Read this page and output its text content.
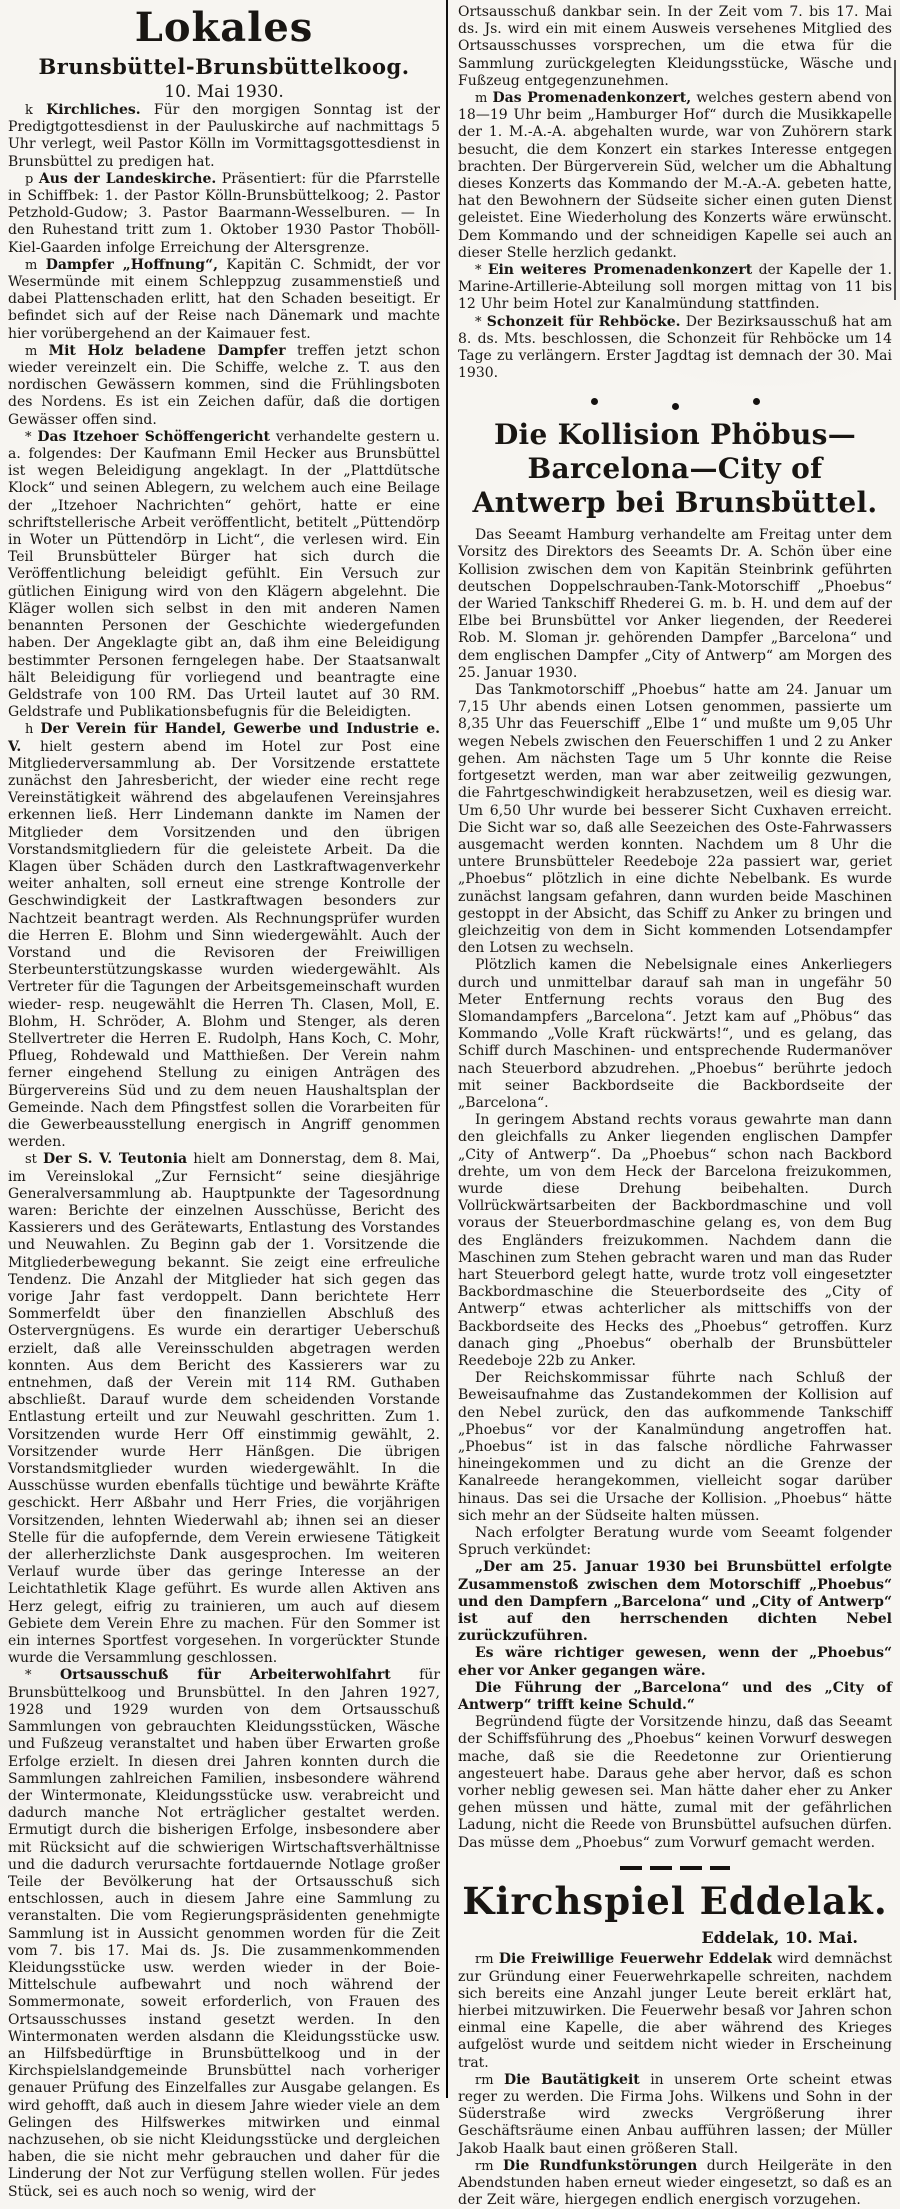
Lokales
Brunsbüttel-Brunsbüttelkoog.
10. Mai 1930.

k Kirchliches. Für den morgigen Sonntag ist der Predigtgottesdienst in der Pauluskirche auf nachmittags 5 Uhr verlegt, weil Pastor Kölln im Vormittagsgottesdienst in Brunsbüttel zu predigen hat.

p Aus der Landeskirche. Präsentiert: für die Pfarrstelle in Schiffbek: 1. der Pastor Kölln-Brunsbüttelkoog; 2. Pastor Petzhold-Gudow; 3. Pastor Baarmann-Wesselburen. — In den Ruhestand tritt zum 1. Oktober 1930 Pastor Thoböll-Kiel-Gaarden infolge Erreichung der Altersgrenze.

m Dampfer „Hoffnung“, Kapitän C. Schmidt, der vor Wesermünde mit einem Schleppzug zusammenstieß und dabei Plattenschaden erlitt, hat den Schaden beseitigt. Er befindet sich auf der Reise nach Dänemark und machte hier vorübergehend an der Kaimauer fest.

m Mit Holz beladene Dampfer treffen jetzt schon wieder vereinzelt ein. Die Schiffe, welche z. T. aus den nordischen Gewässern kommen, sind die Frühlingsboten des Nordens. Es ist ein Zeichen dafür, daß die dortigen Gewässer offen sind.

* Das Itzehoer Schöffengericht verhandelte gestern u. a. folgendes: Der Kaufmann Emil Hecker aus Brunsbüttel ist wegen Beleidigung angeklagt. In der „Plattdütsche Klock“ und seinen Ablegern, zu welchem auch eine Beilage der „Itzehoer Nachrichten“ gehört, hatte er eine schriftstellerische Arbeit veröffentlicht, betitelt „Püttendörp in Woter un Püttendörp in Licht“, die verlesen wird. Ein Teil Brunsbütteler Bürger hat sich durch die Veröffentlichung beleidigt gefühlt. Ein Versuch zur gütlichen Einigung wird von den Klägern abgelehnt. Die Kläger wollen sich selbst in den mit anderen Namen benannten Personen der Geschichte wiedergefunden haben. Der Angeklagte gibt an, daß ihm eine Beleidigung bestimmter Personen ferngelegen habe. Der Staatsanwalt hält Beleidigung für vorliegend und beantragte eine Geldstrafe von 100 RM. Das Urteil lautet auf 30 RM. Geldstrafe und Publikationsbefugnis für die Beleidigten.

h Der Verein für Handel, Gewerbe und Industrie e. V. hielt gestern abend im Hotel zur Post eine Mitgliederversammlung ab. Der Vorsitzende erstattete zunächst den Jahresbericht, der wieder eine recht rege Vereinstätigkeit während des abgelaufenen Vereinsjahres erkennen ließ. Herr Lindemann dankte im Namen der Mitglieder dem Vorsitzenden und den übrigen Vorstandsmitgliedern für die geleistete Arbeit. Da die Klagen über Schäden durch den Lastkraftwagenverkehr weiter anhalten, soll erneut eine strenge Kontrolle der Geschwindigkeit der Lastkraftwagen besonders zur Nachtzeit beantragt werden. Als Rechnungsprüfer wurden die Herren E. Blohm und Sinn wiedergewählt. Auch der Vorstand und die Revisoren der Freiwilligen Sterbeunterstützungskasse wurden wiedergewählt. Als Vertreter für die Tagungen der Arbeitsgemeinschaft wurden wieder- resp. neugewählt die Herren Th. Clasen, Moll, E. Blohm, H. Schröder, A. Blohm und Stenger, als deren Stellvertreter die Herren E. Rudolph, Hans Koch, C. Mohr, Pflueg, Rohdewald und Matthießen. Der Verein nahm ferner eingehend Stellung zu einigen Anträgen des Bürgervereins Süd und zu dem neuen Haushaltsplan der Gemeinde. Nach dem Pfingstfest sollen die Vorarbeiten für die Gewerbeausstellung energisch in Angriff genommen werden.

st Der S. V. Teutonia hielt am Donnerstag, dem 8. Mai, im Vereinslokal „Zur Fernsicht“ seine diesjährige Generalversammlung ab. Hauptpunkte der Tagesordnung waren: Berichte der einzelnen Ausschüsse, Bericht des Kassierers und des Gerätewarts, Entlastung des Vorstandes und Neuwahlen. Zu Beginn gab der 1. Vorsitzende die Mitgliederbewegung bekannt. Sie zeigt eine erfreuliche Tendenz. Die Anzahl der Mitglieder hat sich gegen das vorige Jahr fast verdoppelt. Dann berichtete Herr Sommerfeldt über den finanziellen Abschluß des Ostervergnügens. Es wurde ein derartiger Ueberschuß erzielt, daß alle Vereinsschulden abgetragen werden konnten. Aus dem Bericht des Kassierers war zu entnehmen, daß der Verein mit 114 RM. Guthaben abschließt. Darauf wurde dem scheidenden Vorstande Entlastung erteilt und zur Neuwahl geschritten. Zum 1. Vorsitzenden wurde Herr Off einstimmig gewählt, 2. Vorsitzender wurde Herr Hänßgen. Die übrigen Vorstandsmitglieder wurden wiedergewählt. In die Ausschüsse wurden ebenfalls tüchtige und bewährte Kräfte geschickt. Herr Aßbahr und Herr Fries, die vorjährigen Vorsitzenden, lehnten Wiederwahl ab; ihnen sei an dieser Stelle für die aufopfernde, dem Verein erwiesene Tätigkeit der allerherzlichste Dank ausgesprochen. Im weiteren Verlauf wurde über das geringe Interesse an der Leichtathletik Klage geführt. Es wurde allen Aktiven ans Herz gelegt, eifrig zu trainieren, um auch auf diesem Gebiete dem Verein Ehre zu machen. Für den Sommer ist ein internes Sportfest vorgesehen. In vorgerückter Stunde wurde die Versammlung geschlossen.

* Ortsausschuß für Arbeiterwohlfahrt für Brunsbüttelkoog und Brunsbüttel. In den Jahren 1927, 1928 und 1929 wurden von dem Ortsausschuß Sammlungen von gebrauchten Kleidungsstücken, Wäsche und Fußzeug veranstaltet und haben über Erwarten große Erfolge erzielt. In diesen drei Jahren konnten durch die Sammlungen zahlreichen Familien, insbesondere während der Wintermonate, Kleidungsstücke usw. verabreicht und dadurch manche Not erträglicher gestaltet werden. Ermutigt durch die bisherigen Erfolge, insbesondere aber mit Rücksicht auf die schwierigen Wirtschaftsverhältnisse und die dadurch verursachte fortdauernde Notlage großer Teile der Bevölkerung hat der Ortsausschuß sich entschlossen, auch in diesem Jahre eine Sammlung zu veranstalten. Die vom Regierungspräsidenten genehmigte Sammlung ist in Aussicht genommen worden für die Zeit vom 7. bis 17. Mai ds. Js. Die zusammenkommenden Kleidungsstücke usw. werden wieder in der Boie-Mittelschule aufbewahrt und noch während der Sommermonate, soweit erforderlich, von Frauen des Ortsausschusses instand gesetzt werden. In den Wintermonaten werden alsdann die Kleidungsstücke usw. an Hilfsbedürftige in Brunsbüttelkoog und in der Kirchspielslandgemeinde Brunsbüttel nach vorheriger genauer Prüfung des Einzelfalles zur Ausgabe gelangen. Es wird gehofft, daß auch in diesem Jahre wieder viele an dem Gelingen des Hilfswerkes mitwirken und einmal nachzusehen, ob sie nicht Kleidungsstücke und dergleichen haben, die sie nicht mehr gebrauchen und daher für die Linderung der Not zur Verfügung stellen wollen. Für jedes Stück, sei es auch noch so wenig, wird der

Ortsausschuß dankbar sein. In der Zeit vom 7. bis 17. Mai ds. Js. wird ein mit einem Ausweis versehenes Mitglied des Ortsausschusses vorsprechen, um die etwa für die Sammlung zurückgelegten Kleidungsstücke, Wäsche und Fußzeug entgegenzunehmen.

m Das Promenadenkonzert, welches gestern abend von 18—19 Uhr beim „Hamburger Hof“ durch die Musikkapelle der 1. M.-A.-A. abgehalten wurde, war von Zuhörern stark besucht, die dem Konzert ein starkes Interesse entgegen brachten. Der Bürgerverein Süd, welcher um die Abhaltung dieses Konzerts das Kommando der M.-A.-A. gebeten hatte, hat den Bewohnern der Südseite sicher einen guten Dienst geleistet. Eine Wiederholung des Konzerts wäre erwünscht. Dem Kommando und der schneidigen Kapelle sei auch an dieser Stelle herzlich gedankt.

* Ein weiteres Promenadenkonzert der Kapelle der 1. Marine-Artillerie-Abteilung soll morgen mittag von 11 bis 12 Uhr beim Hotel zur Kanalmündung stattfinden.

* Schonzeit für Rehböcke. Der Bezirksausschuß hat am 8. ds. Mts. beschlossen, die Schonzeit für Rehböcke um 14 Tage zu verlängern. Erster Jagdtag ist demnach der 30. Mai 1930.

Die Kollision Phöbus—Barcelona—City of Antwerp bei Brunsbüttel.

Das Seeamt Hamburg verhandelte am Freitag unter dem Vorsitz des Direktors des Seeamts Dr. A. Schön über eine Kollision zwischen dem von Kapitän Steinbrink geführten deutschen Doppelschrauben-Tank-Motorschiff „Phoebus“ der Waried Tankschiff Rhederei G. m. b. H. und dem auf der Elbe bei Brunsbüttel vor Anker liegenden, der Reederei Rob. M. Sloman jr. gehörenden Dampfer „Barcelona“ und dem englischen Dampfer „City of Antwerp“ am Morgen des 25. Januar 1930.

Das Tankmotorschiff „Phoebus“ hatte am 24. Januar um 7,15 Uhr abends einen Lotsen genommen, passierte um 8,35 Uhr das Feuerschiff „Elbe 1“ und mußte um 9,05 Uhr wegen Nebels zwischen den Feuerschiffen 1 und 2 zu Anker gehen. Am nächsten Tage um 5 Uhr konnte die Reise fortgesetzt werden, man war aber zeitweilig gezwungen, die Fahrtgeschwindigkeit herabzusetzen, weil es diesig war. Um 6,50 Uhr wurde bei besserer Sicht Cuxhaven erreicht. Die Sicht war so, daß alle Seezeichen des Oste-Fahrwassers ausgemacht werden konnten. Nachdem um 8 Uhr die untere Brunsbütteler Reedeboje 22a passiert war, geriet „Phoebus“ plötzlich in eine dichte Nebelbank. Es wurde zunächst langsam gefahren, dann wurden beide Maschinen gestoppt in der Absicht, das Schiff zu Anker zu bringen und gleichzeitig von dem in Sicht kommenden Lotsendampfer den Lotsen zu wechseln.

Plötzlich kamen die Nebelsignale eines Ankerliegers durch und unmittelbar darauf sah man in ungefähr 50 Meter Entfernung rechts voraus den Bug des Slomandampfers „Barcelona“. Jetzt kam auf „Phöbus“ das Kommando „Volle Kraft rückwärts!“, und es gelang, das Schiff durch Maschinen- und entsprechende Rudermanöver nach Steuerbord abzudrehen. „Phoebus“ berührte jedoch mit seiner Backbordseite die Backbordseite der „Barcelona“.

In geringem Abstand rechts voraus gewahrte man dann den gleichfalls zu Anker liegenden englischen Dampfer „City of Antwerp“. Da „Phoebus“ schon nach Backbord drehte, um von dem Heck der Barcelona freizukommen, wurde diese Drehung beibehalten. Durch Vollrückwärtsarbeiten der Backbordmaschine und voll voraus der Steuerbordmaschine gelang es, von dem Bug des Engländers freizukommen. Nachdem dann die Maschinen zum Stehen gebracht waren und man das Ruder hart Steuerbord gelegt hatte, wurde trotz voll eingesetzter Backbordmaschine die Steuerbordseite des „City of Antwerp“ etwas achterlicher als mittschiffs von der Backbordseite des Hecks des „Phoebus“ getroffen. Kurz danach ging „Phoebus“ oberhalb der Brunsbütteler Reedeboje 22b zu Anker.

Der Reichskommissar führte nach Schluß der Beweisaufnahme das Zustandekommen der Kollision auf den Nebel zurück, den das aufkommende Tankschiff „Phoebus“ vor der Kanalmündung angetroffen hat. „Phoebus“ ist in das falsche nördliche Fahrwasser hineingekommen und zu dicht an die Grenze der Kanalreede herangekommen, vielleicht sogar darüber hinaus. Das sei die Ursache der Kollision. „Phoebus“ hätte sich mehr an der Südseite halten müssen.

Nach erfolgter Beratung wurde vom Seeamt folgender Spruch verkündet:

„Der am 25. Januar 1930 bei Brunsbüttel erfolgte Zusammenstoß zwischen dem Motorschiff „Phoebus“ und den Dampfern „Barcelona“ und „City of Antwerp“ ist auf den herrschenden dichten Nebel zurückzuführen.

Es wäre richtiger gewesen, wenn der „Phoebus“ eher vor Anker gegangen wäre.

Die Führung der „Barcelona“ und des „City of Antwerp“ trifft keine Schuld.“

Begründend fügte der Vorsitzende hinzu, daß das Seeamt der Schiffsführung des „Phoebus“ keinen Vorwurf deswegen mache, daß sie die Reedetonne zur Orientierung angesteuert habe. Daraus gehe aber hervor, daß es schon vorher neblig gewesen sei. Man hätte daher eher zu Anker gehen müssen und hätte, zumal mit der gefährlichen Ladung, nicht die Reede von Brunsbüttel aufsuchen dürfen. Das müsse dem „Phoebus“ zum Vorwurf gemacht werden.

Kirchspiel Eddelak.
Eddelak, 10. Mai.

rm Die Freiwillige Feuerwehr Eddelak wird demnächst zur Gründung einer Feuerwehrkapelle schreiten, nachdem sich bereits eine Anzahl junger Leute bereit erklärt hat, hierbei mitzuwirken. Die Feuerwehr besaß vor Jahren schon einmal eine Kapelle, die aber während des Krieges aufgelöst wurde und seitdem nicht wieder in Erscheinung trat.

rm Die Bautätigkeit in unserem Orte scheint etwas reger zu werden. Die Firma Johs. Wilkens und Sohn in der Süderstraße wird zwecks Vergrößerung ihrer Geschäftsräume einen Anbau aufführen lassen; der Müller Jakob Haalk baut einen größeren Stall.

rm Die Rundfunkstörungen durch Heilgeräte in den Abendstunden haben erneut wieder eingesetzt, so daß es an der Zeit wäre, hiergegen endlich energisch vorzugehen.
